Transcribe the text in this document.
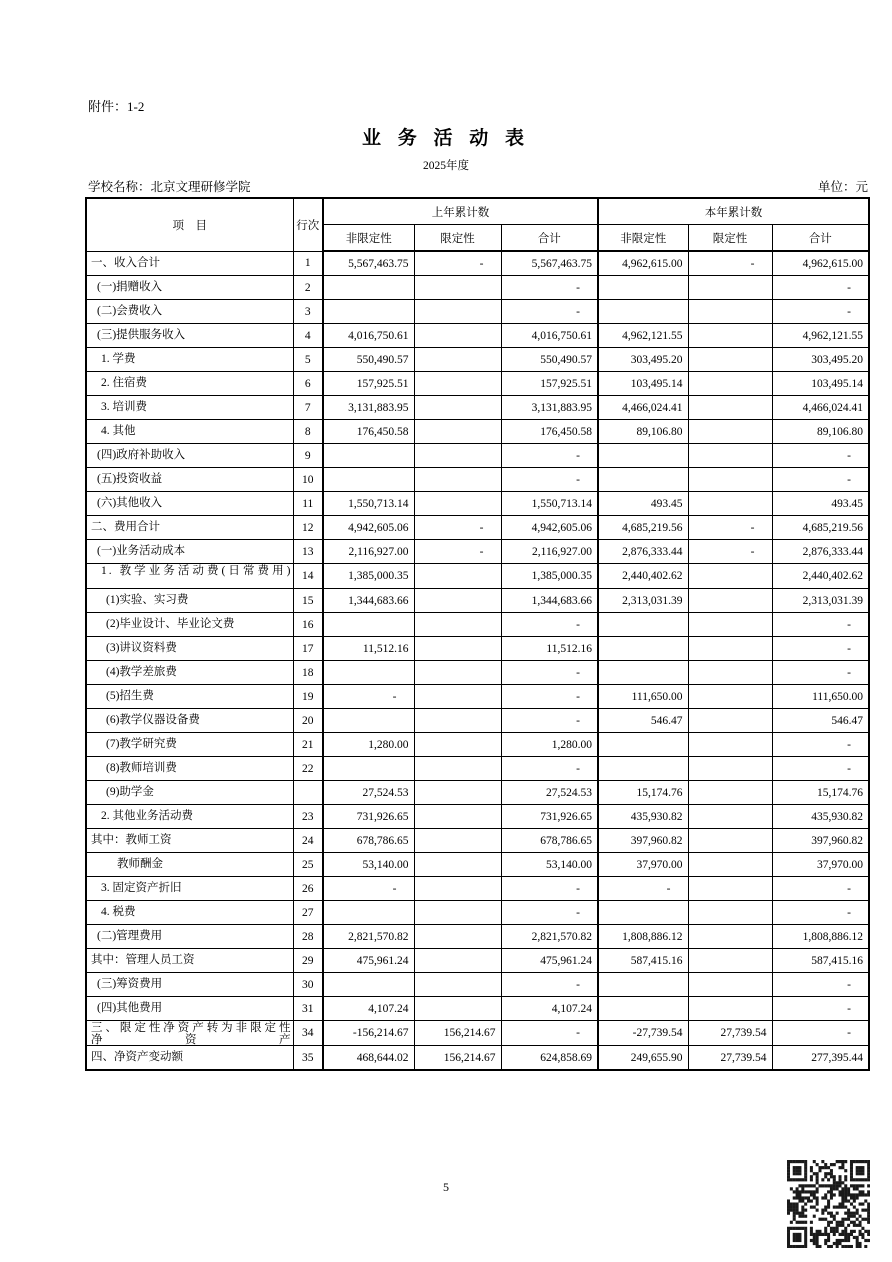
附件：1-2
业 务 活 动 表
2025年度
学校名称：北京文理研修学院	单位：元
项　目	行次	上年累计数			本年累计数		
		非限定性	限定性	合计	非限定性	限定性	合计

一、收入合计	1	5,567,463.75	-	5,567,463.75	4,962,615.00	-	4,962,615.00

(一)捐赠收入	2			-			-

(二)会费收入	3			-			-

(三)提供服务收入	4	4,016,750.61		4,016,750.61	4,962,121.55		4,962,121.55

1. 学费	5	550,490.57		550,490.57	303,495.20		303,495.20

2. 住宿费	6	157,925.51		157,925.51	103,495.14		103,495.14

3. 培训费	7	3,131,883.95		3,131,883.95	4,466,024.41		4,466,024.41

4. 其他	8	176,450.58		176,450.58	89,106.80		89,106.80

(四)政府补助收入	9			-			-

(五)投资收益	10			-			-

(六)其他收入	11	1,550,713.14		1,550,713.14	493.45		493.45

二、费用合计	12	4,942,605.06	-	4,942,605.06	4,685,219.56	-	4,685,219.56

(一)业务活动成本	13	2,116,927.00	-	2,116,927.00	2,876,333.44	-	2,876,333.44

1. 教学业务活动费(日常费用)	14	1,385,000.35		1,385,000.35	2,440,402.62		2,440,402.62

(1)实验、实习费	15	1,344,683.66		1,344,683.66	2,313,031.39		2,313,031.39

(2)毕业设计、毕业论文费	16			-			-

(3)讲议资料费	17	11,512.16		11,512.16			-

(4)教学差旅费	18			-			-

(5)招生费	19	-		-	111,650.00		111,650.00

(6)教学仪器设备费	20			-	546.47		546.47

(7)教学研究费	21	1,280.00		1,280.00			-

(8)教师培训费	22			-			-

(9)助学金		27,524.53		27,524.53	15,174.76		15,174.76

2. 其他业务活动费	23	731,926.65		731,926.65	435,930.82		435,930.82

其中：教师工资	24	678,786.65		678,786.65	397,960.82		397,960.82

教师酬金	25	53,140.00		53,140.00	37,970.00		37,970.00

3. 固定资产折旧	26	-		-	-		-

4. 税费	27			-			-

(二)管理费用	28	2,821,570.82		2,821,570.82	1,808,886.12		1,808,886.12

其中：管理人员工资	29	475,961.24		475,961.24	587,415.16		587,415.16

(三)筹资费用	30			-			-

(四)其他费用	31	4,107.24		4,107.24			-

三、限定性净资产转为非限定性净资产	34	-156,214.67	156,214.67	-	-27,739.54	27,739.54	-

四、净资产变动额	35	468,644.02	156,214.67	624,858.69	249,655.90	27,739.54	277,395.44
5
